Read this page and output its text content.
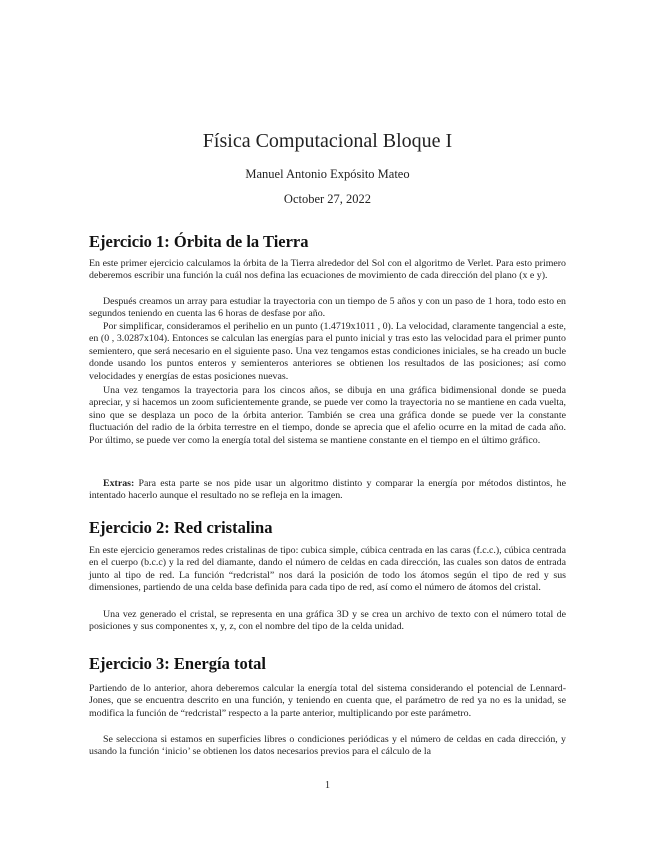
Física Computacional Bloque I
Manuel Antonio Expósito Mateo
October 27, 2022
Ejercicio 1: Órbita de la Tierra
En este primer ejercicio calculamos la órbita de la Tierra alrededor del Sol con el algoritmo de Verlet. Para esto primero deberemos escribir una función la cuál nos defina las ecuaciones de movimiento de cada dirección del plano (x e y).
Después creamos un array para estudiar la trayectoria con un tiempo de 5 años y con un paso de 1 hora, todo esto en segundos teniendo en cuenta las 6 horas de desfase por año.
Por simplificar, consideramos el perihelio en un punto (1.4719x1011 , 0). La velocidad, claramente tangencial a este, en (0 , 3.0287x104). Entonces se calculan las energías para el punto inicial y tras esto las velocidad para el primer punto semientero, que será necesario en el siguiente paso. Una vez tengamos estas condiciones iniciales, se ha creado un bucle donde usando los puntos enteros y semienteros anteriores se obtienen los resultados de las posiciones; así como velocidades y energías de estas posiciones nuevas.
Una vez tengamos la trayectoria para los cincos años, se dibuja en una gráfica bidimensional donde se pueda apreciar, y si hacemos un zoom suficientemente grande, se puede ver como la trayectoria no se mantiene en cada vuelta, sino que se desplaza un poco de la órbita anterior. También se crea una gráfica donde se puede ver la constante fluctuación del radio de la órbita terrestre en el tiempo, donde se aprecia que el afelio ocurre en la mitad de cada año. Por último, se puede ver como la energía total del sistema se mantiene constante en el tiempo en el último gráfico.
Extras: Para esta parte se nos pide usar un algoritmo distinto y comparar la energía por métodos distintos, he intentado hacerlo aunque el resultado no se refleja en la imagen.
Ejercicio 2: Red cristalina
En este ejercicio generamos redes cristalinas de tipo: cubica simple, cúbica centrada en las caras (f.c.c.), cúbica centrada en el cuerpo (b.c.c) y la red del diamante, dando el número de celdas en cada dirección, las cuales son datos de entrada junto al tipo de red. La función “redcristal” nos dará la posición de todo los átomos según el tipo de red y sus dimensiones, partiendo de una celda base definida para cada tipo de red, así como el número de átomos del cristal.
Una vez generado el cristal, se representa en una gráfica 3D y se crea un archivo de texto con el número total de posiciones y sus componentes x, y, z, con el nombre del tipo de la celda unidad.
Ejercicio 3: Energía total
Partiendo de lo anterior, ahora deberemos calcular la energía total del sistema considerando el potencial de Lennard-Jones, que se encuentra descrito en una función, y teniendo en cuenta que, el parámetro de red ya no es la unidad, se modifica la función de “redcristal” respecto a la parte anterior, multiplicando por este parámetro.
Se selecciona si estamos en superficies libres o condiciones periódicas y el número de celdas en cada dirección, y usando la función ‘inicio’ se obtienen los datos necesarios previos para el cálculo de la
1
